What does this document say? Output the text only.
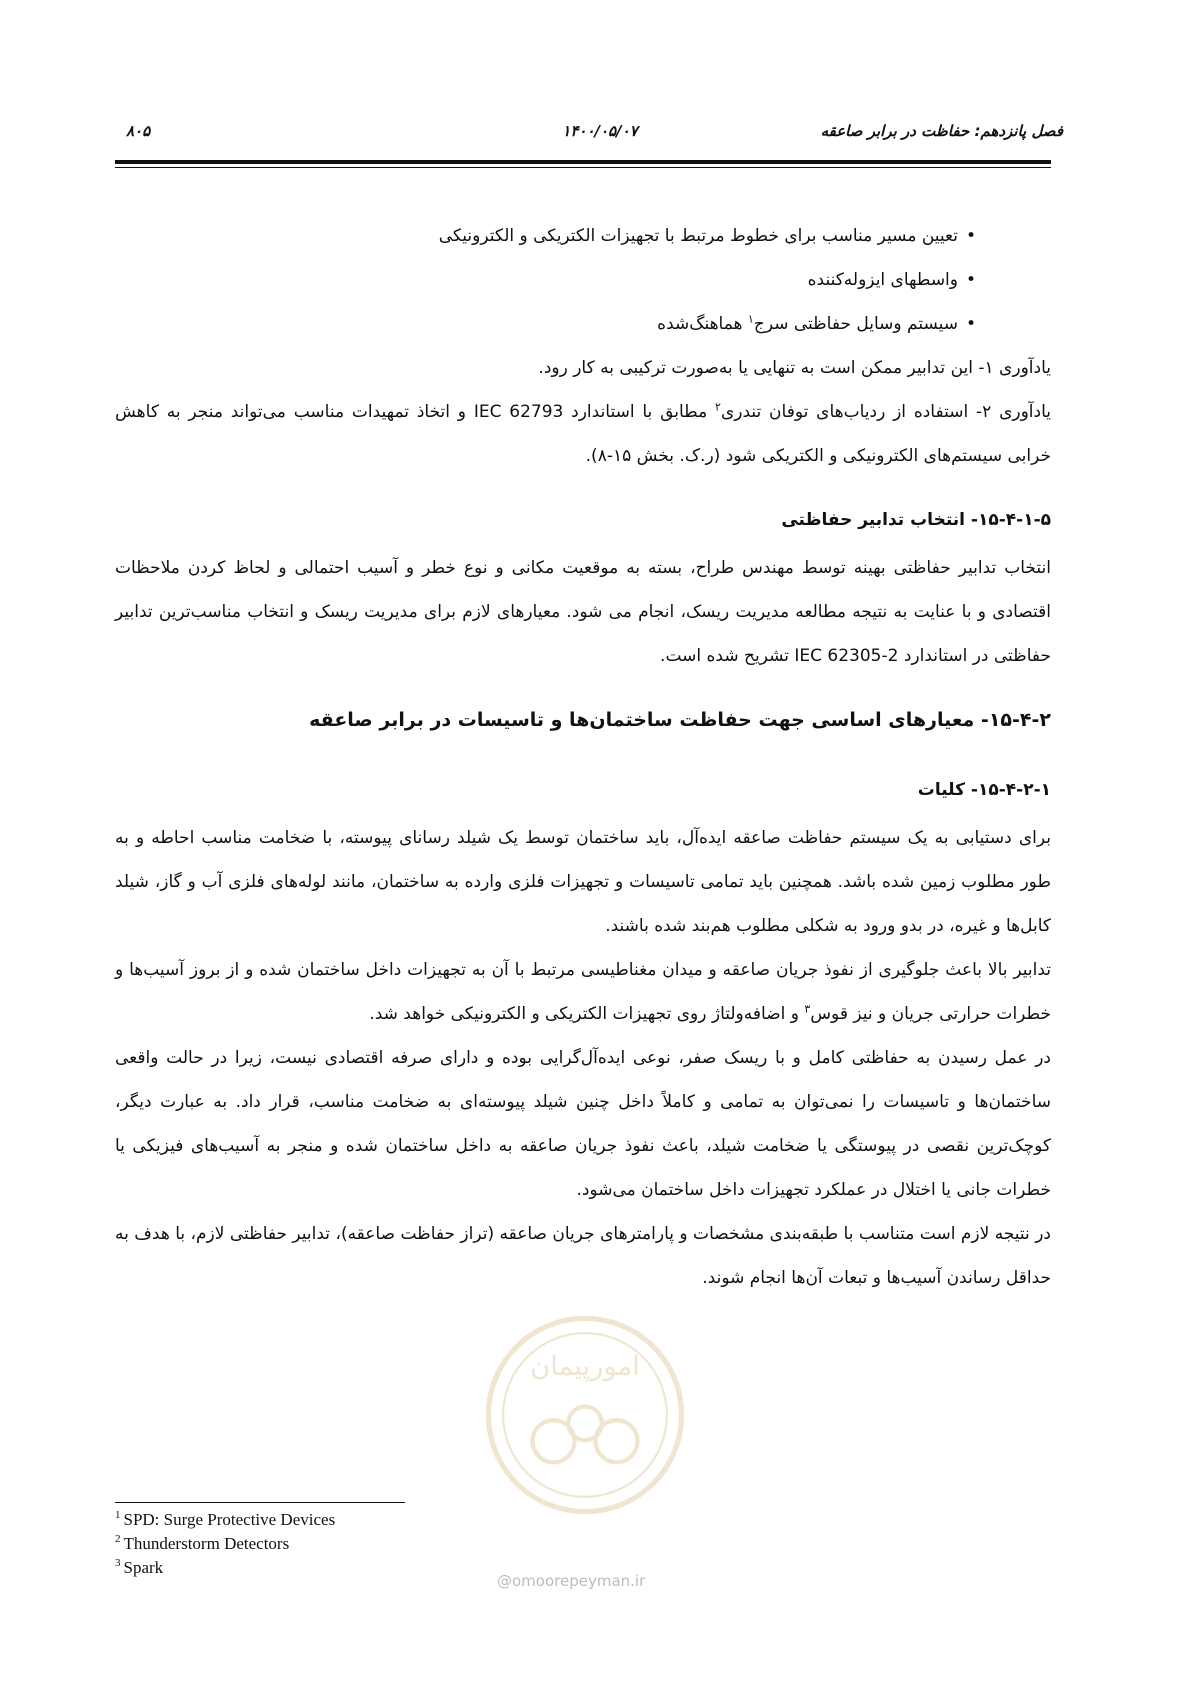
فصل پانزدهم: حفاظت در برابر صاعقه
۱۴۰۰/۰۵/۰۷
۸۰۵
• تعیین مسیر مناسب برای خطوط مرتبط با تجهیزات الکتریکی و الکترونیکی
• واسطهای ایزوله‌کننده
• سیستم وسایل حفاظتی سرج$^۱$ هماهنگ‌شده

یادآوری ۱- این تدابیر ممکن است به تنهایی یا به‌صورت ترکیبی به کار رود.

یادآوری ۲- استفاده از ردیاب‌های توفان تندری$^۲$ مطابق با استاندارد IEC 62793 و اتخاذ تمهیدات مناسب می‌تواند منجر به کاهش خرابی سیستم‌های الکترونیکی و الکتریکی شود (ر.ک. بخش ۱۵-۸).

۱۵-۴-۱-۵- انتخاب تدابیر حفاظتی

انتخاب تدابیر حفاظتی بهینه توسط مهندس طراح، بسته به موقعیت مکانی و نوع خطر و آسیب احتمالی و لحاظ کردن ملاحظات اقتصادی و با عنایت به نتیجه مطالعه مدیریت ریسک، انجام می شود. معیارهای لازم برای مدیریت ریسک و انتخاب مناسب‌ترین تدابیر حفاظتی در استاندارد IEC 62305-2 تشریح شده است.

۱۵-۴-۲- معیارهای اساسی جهت حفاظت ساختمان‌ها و تاسیسات در برابر صاعقه

۱۵-۴-۲-۱- کلیات

برای دستیابی به یک سیستم حفاظت صاعقه ایده‌آل، باید ساختمان توسط یک شیلد رسانای پیوسته، با ضخامت مناسب احاطه و به طور مطلوب زمین شده باشد. همچنین باید تمامی تاسیسات و تجهیزات فلزی وارده به ساختمان، مانند لوله‌های فلزی آب و گاز، شیلد کابل‌ها و غیره، در بدو ورود به شکلی مطلوب هم‌بند شده باشند.

تدابیر بالا باعث جلوگیری از نفوذ جریان صاعقه و میدان مغناطیسی مرتبط با آن به تجهیزات داخل ساختمان شده و از بروز آسیب‌ها و خطرات حرارتی جریان و نیز قوس$^۳$ و اضافه‌ولتاژ روی تجهیزات الکتریکی و الکترونیکی خواهد شد.

در عمل رسیدن به حفاظتی کامل و با ریسک صفر، نوعی ایده‌آل‌گرایی بوده و دارای صرفه اقتصادی نیست، زیرا در حالت واقعی ساختمان‌ها و تاسیسات را نمی‌توان به تمامی و کاملاً داخل چنین شیلد پیوسته‌ای به ضخامت مناسب، قرار داد. به عبارت دیگر، کوچک‌ترین نقصی در پیوستگی یا ضخامت شیلد، باعث نفوذ جریان صاعقه به داخل ساختمان شده و منجر به آسیب‌های فیزیکی یا خطرات جانی یا اختلال در عملکرد تجهیزات داخل ساختمان می‌شود.

در نتیجه لازم است متناسب با طبقه‌بندی مشخصات و پارامترهای جریان صاعقه (تراز حفاظت صاعقه)، تدابیر حفاظتی لازم، با هدف به حداقل رساندن آسیب‌ها و تبعات آن‌ها انجام شوند.

امورپیمان
@omoorepeyman.ir
$^1$ SPD: Surge Protective Devices
$^2$ Thunderstorm Detectors
$^3$ Spark
